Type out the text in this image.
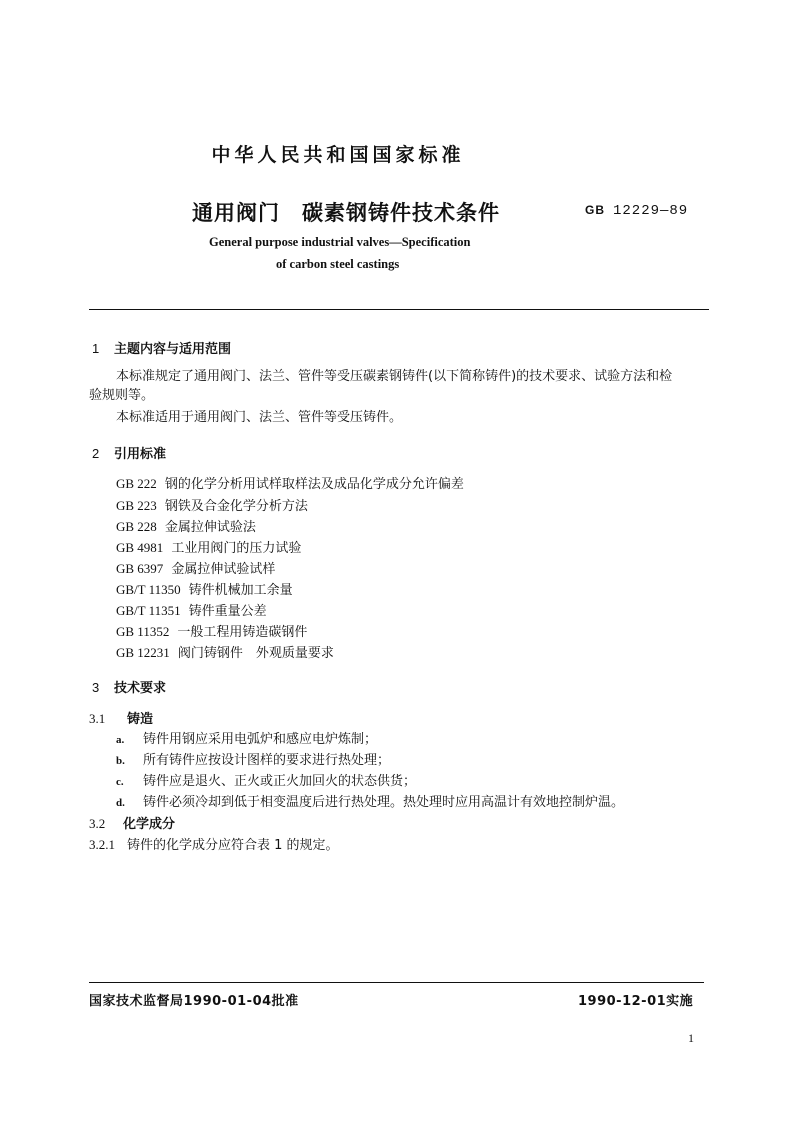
中华人民共和国国家标准
通用阀门　碳素钢铸件技术条件	GB 12229—89
General purpose industrial valves—Specification
of carbon steel castings
1 主题内容与适用范围
本标准规定了通用阀门、法兰、管件等受压碳素钢铸件(以下简称铸件)的技术要求、试验方法和检
验规则等。
本标准适用于通用阀门、法兰、管件等受压铸件。
2 引用标准
GB 222 钢的化学分析用试样取样法及成品化学成分允许偏差
GB 223 钢铁及合金化学分析方法
GB 228 金属拉伸试验法
GB 4981 工业用阀门的压力试验
GB 6397 金属拉伸试验试样
GB/T 11350 铸件机械加工余量
GB/T 11351 铸件重量公差
GB 11352 一般工程用铸造碳钢件
GB 12231 阀门铸钢件　外观质量要求
3 技术要求
3.1 铸造
a. 铸件用钢应采用电弧炉和感应电炉炼制；
b. 所有铸件应按设计图样的要求进行热处理；
c. 铸件应是退火、正火或正火加回火的状态供货；
d. 铸件必须冷却到低于相变温度后进行热处理。热处理时应用高温计有效地控制炉温。
3.2 化学成分
3.2.1 铸件的化学成分应符合表 1 的规定。
国家技术监督局1990-01-04批准	1990-12-01实施
1
